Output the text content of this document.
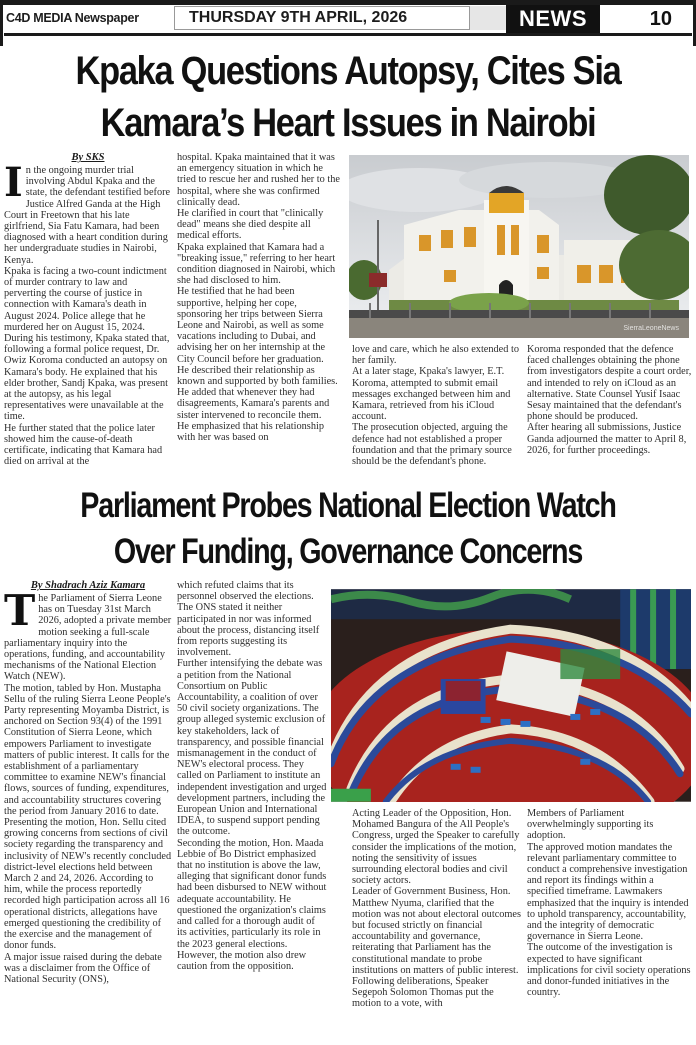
C4D MEDIA Newspaper	THURSDAY 9TH APRIL, 2026	NEWS	10
Kpaka Questions Autopsy, Cites Sia
Kamara’s Heart Issues in Nairobi
By SKS
I n the ongoing murder trial involving Abdul Kpaka and the state, the defendant testified before Justice Alfred Ganda at the High Court in Freetown that his late girlfriend, Sia Fatu Kamara, had been diagnosed with a heart condition during her undergraduate studies in Nairobi, Kenya.

Kpaka is facing a two-count indictment of murder contrary to law and perverting the course of justice in connection with Kamara's death in August 2024. Police allege that he murdered her on August 15, 2024.

During his testimony, Kpaka stated that, following a formal police request, Dr. Owiz Koroma conducted an autopsy on Kamara's body. He explained that his elder brother, Sandj Kpaka, was present at the autopsy, as his legal representatives were unavailable at the time.

He further stated that the police later showed him the cause-of-death certificate, indicating that Kamara had died on arrival at the

hospital. Kpaka maintained that it was an emergency situation in which he tried to rescue her and rushed her to the hospital, where she was confirmed clinically dead.

He clarified in court that "clinically dead" means she died despite all medical efforts.

Kpaka explained that Kamara had a

"breaking issue," referring to her heart condition diagnosed in Nairobi, which she had disclosed to him.

He testified that he had been supportive, helping her cope, sponsoring her trips between Sierra Leone and Nairobi, as well as some vacations including to Dubai, and advising her on her internship at the City Council before her graduation.

He described their relationship as known and supported by both families.

He added that whenever they had disagreements, Kamara's parents and sister intervened to reconcile them.

He emphasized that his relationship with her was based on

SierraLeoneNews

love and care, which he also extended to her family.

At a later stage, Kpaka's lawyer, E.T. Koroma, attempted to submit email messages exchanged between him and Kamara, retrieved from his iCloud account.

The prosecution objected, arguing the defence had not established a proper foundation and that the primary source should be the defendant's phone.

Koroma responded that the defence faced challenges obtaining the phone from investigators despite a court order, and intended to rely on iCloud as an alternative. State Counsel Yusif Isaac Sesay maintained that the defendant's phone should be produced.

After hearing all submissions, Justice Ganda adjourned the matter to April 8, 2026, for further proceedings.

Parliament Probes National Election Watch
Over Funding, Governance Concerns
By Shadrach Aziz Kamara
T he Parliament of Sierra Leone has on Tuesday 31st March 2026, adopted a private member motion seeking a full-scale parliamentary inquiry into the operations, funding, and accountability mechanisms of the National Election Watch (NEW).

The motion, tabled by Hon. Mustapha Sellu of the ruling Sierra Leone People's Party representing Moyamba District, is anchored on Section 93(4) of the 1991 Constitution of Sierra Leone, which empowers Parliament to investigate matters of public interest. It calls for the establishment of a parliamentary committee to examine NEW's financial flows, sources of funding, expenditures, and accountability structures covering the period from January 2016 to date.

Presenting the motion, Hon. Sellu cited growing concerns from sections of civil society regarding the transparency and inclusivity of NEW's recently concluded district-level elections held between March 2 and 24, 2026. According to him, while the process reportedly recorded high participation across all 16 operational districts, allegations have emerged questioning the credibility of the exercise and the management of donor funds.

A major issue raised during the debate was a disclaimer from the Office of National Security (ONS),

which refuted claims that its personnel observed the elections. The ONS stated it neither participated in nor was informed about the process, distancing itself from reports suggesting its involvement.

Further intensifying the debate was a petition from the National Consortium on Public Accountability, a coalition of over 50 civil society organizations. The group alleged systemic exclusion of key stakeholders, lack of transparency, and possible financial mismanagement in the conduct of NEW's electoral process. They called on Parliament to institute an independent investigation and urged development partners, including the European Union and International IDEA, to suspend support pending the outcome.

Seconding the motion, Hon. Maada Lebbie of Bo District emphasized that no institution is above the law, alleging that significant donor funds had been disbursed to NEW without adequate accountability. He questioned the organization's claims and called for a thorough audit of its activities, particularly its role in the 2023 general elections.

However, the motion also drew caution from the opposition.

Acting Leader of the Opposition, Hon. Mohamed Bangura of the All People's Congress, urged the Speaker to carefully consider the implications of the motion, noting the sensitivity of issues surrounding electoral bodies and civil society actors.

Leader of Government Business, Hon. Matthew Nyuma, clarified that the motion was not about electoral outcomes but focused strictly on financial accountability and governance, reiterating that Parliament has the constitutional mandate to probe institutions on matters of public interest.

Following deliberations, Speaker Segepoh Solomon Thomas put the motion to a vote, with

Members of Parliament overwhelmingly supporting its adoption.

The approved motion mandates the relevant parliamentary committee to conduct a comprehensive investigation and report its findings within a specified timeframe. Lawmakers emphasized that the inquiry is intended to uphold transparency, accountability, and the integrity of democratic governance in Sierra Leone.

The outcome of the investigation is expected to have significant implications for civil society operations and donor-funded initiatives in the country.
